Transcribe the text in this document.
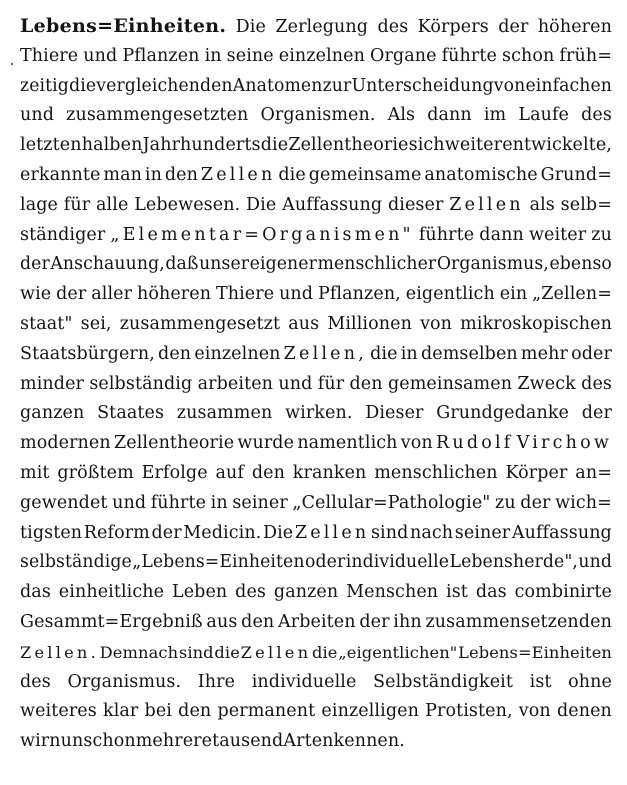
Lebens=Einheiten. Die Zerlegung des Körpers der höheren
Thiere und Pflanzen in seine einzelnen Organe führte schon früh=
zeitig die vergleichenden Anatomen zur Unterscheidung von einfachen
und zusammengesetzten Organismen. Als dann im Laufe des
letzten halben Jahrhunderts die Zellentheorie sich weiter entwickelte,
erkannte man in den Zellen die gemeinsame anatomische Grund=
lage für alle Lebewesen. Die Auffassung dieser Zellen als selb=
ständiger „Elementar=Organismen" führte dann weiter zu
der Anschauung, daß unser eigener menschlicher Organismus, ebenso
wie der aller höheren Thiere und Pflanzen, eigentlich ein „Zellen=
staat" sei, zusammengesetzt aus Millionen von mikroskopischen
Staatsbürgern, den einzelnen Zellen, die in demselben mehr oder
minder selbständig arbeiten und für den gemeinsamen Zweck des
ganzen Staates zusammen wirken. Dieser Grundgedanke der
modernen Zellentheorie wurde namentlich von Rudolf Virchow
mit größtem Erfolge auf den kranken menschlichen Körper an=
gewendet und führte in seiner „Cellular=Pathologie" zu der wich=
tigsten Reform der Medicin. Die Zellen sind nach seiner Auffassung
selbständige „Lebens=Einheiten oder individuelle Lebensherde", und
das einheitliche Leben des ganzen Menschen ist das combinirte
Gesammt=Ergebniß aus den Arbeiten der ihn zusammensetzenden
Zellen. Demnach sind die Zellen die „eigentlichen" Lebens=Einheiten
des Organismus. Ihre individuelle Selbständigkeit ist ohne
weiteres klar bei den permanent einzelligen Protisten, von denen
wir nun schon mehrere tausend Arten kennen.
